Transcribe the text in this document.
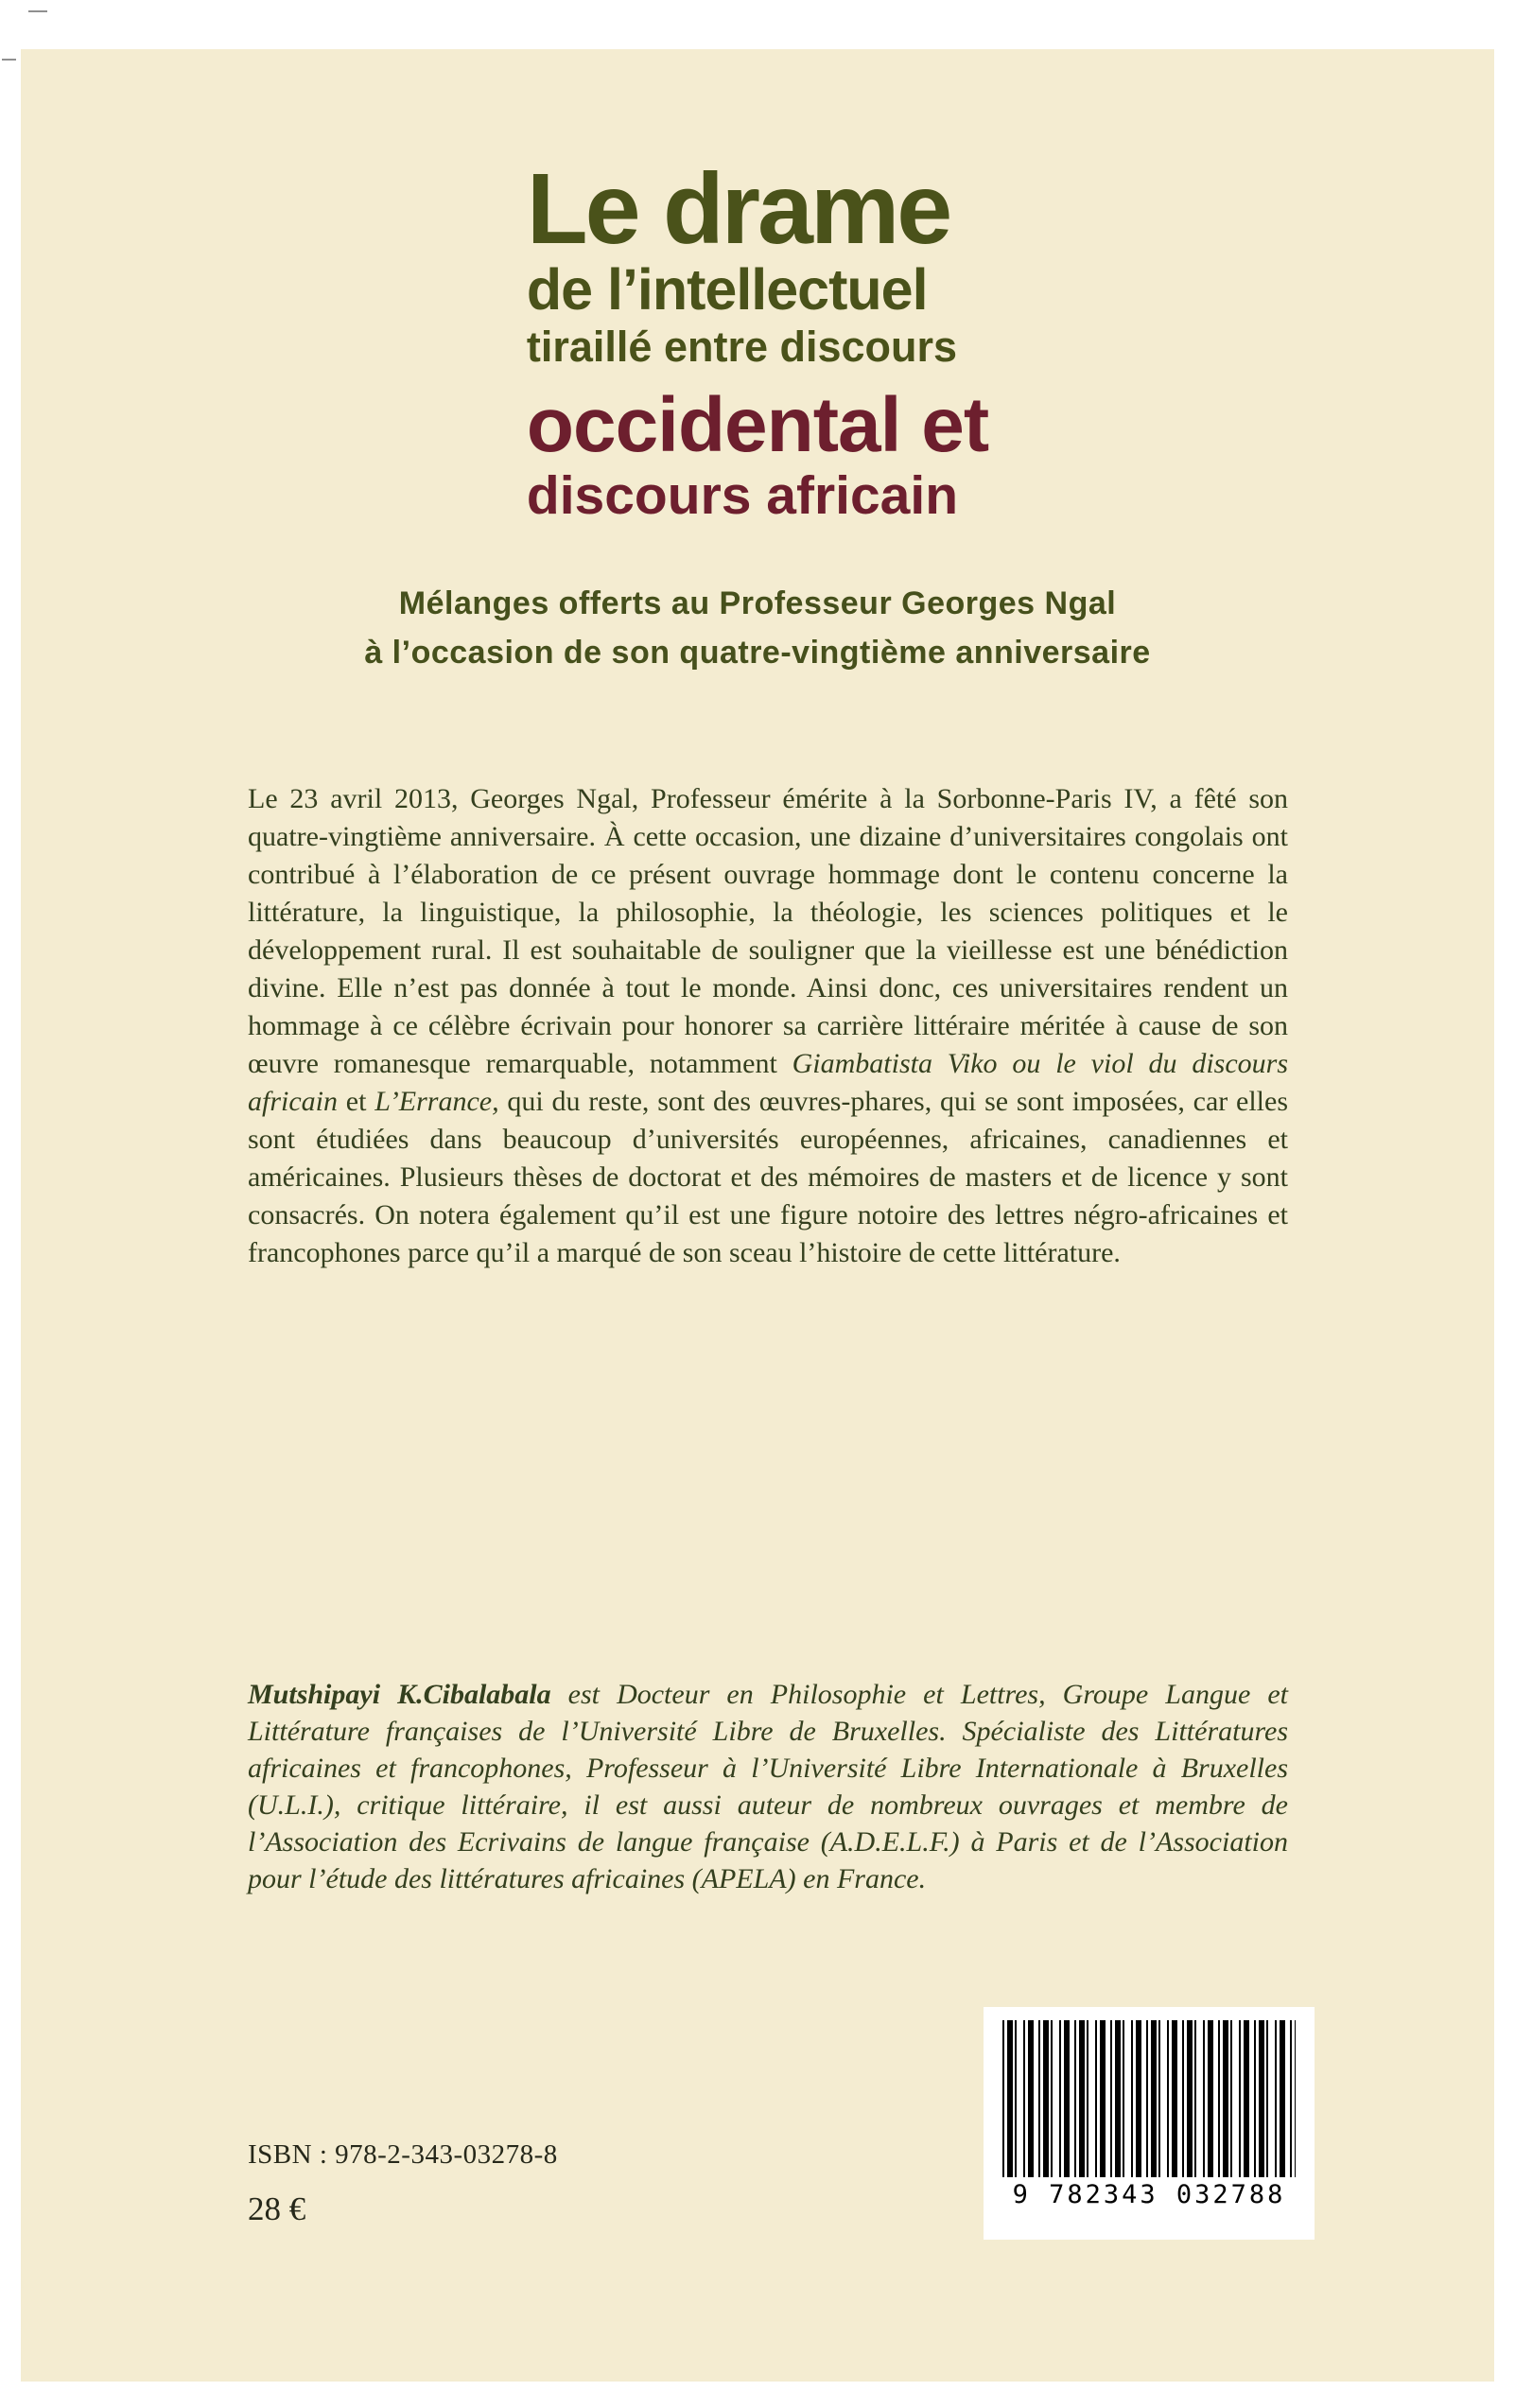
Le drame
de l’intellectuel
tiraillé entre discours
occidental et
discours africain
Mélanges offerts au Professeur Georges Ngal
à l’occasion de son quatre-vingtième anniversaire

Le 23 avril 2013, Georges Ngal, Professeur émérite à la Sorbonne-Paris IV, a fêté son quatre-vingtième anniversaire. À cette occasion, une dizaine d’universitaires congolais ont contribué à l’élaboration de ce présent ouvrage hommage dont le contenu concerne la littérature, la linguistique, la philosophie, la théologie, les sciences politiques et le développement rural. Il est souhaitable de souligner que la vieillesse est une bénédiction divine. Elle n’est pas donnée à tout le monde. Ainsi donc, ces universitaires rendent un hommage à ce célèbre écrivain pour honorer sa carrière littéraire méritée à cause de son œuvre romanesque remarquable, notamment Giambatista Viko ou le viol du discours africain et L’Errance, qui du reste, sont des œuvres-phares, qui se sont imposées, car elles sont étudiées dans beaucoup d’universités européennes, africaines, canadiennes et américaines. Plusieurs thèses de doctorat et des mémoires de masters et de licence y sont consacrés. On notera également qu’il est une figure notoire des lettres négro-africaines et francophones parce qu’il a marqué de son sceau l’histoire de cette littérature.

Mutshipayi K.Cibalabala est Docteur en Philosophie et Lettres, Groupe Langue et Littérature françaises de l’Université Libre de Bruxelles. Spécialiste des Littératures africaines et francophones, Professeur à l’Université Libre Internationale à Bruxelles (U.L.I.), critique littéraire, il est aussi auteur de nombreux ouvrages et membre de l’Association des Ecrivains de langue française (A.D.E.L.F.) à Paris et de l’Association pour l’étude des littératures africaines (APELA) en France.

ISBN : 978-2-343-03278-8
28 €	9 782343 032788
